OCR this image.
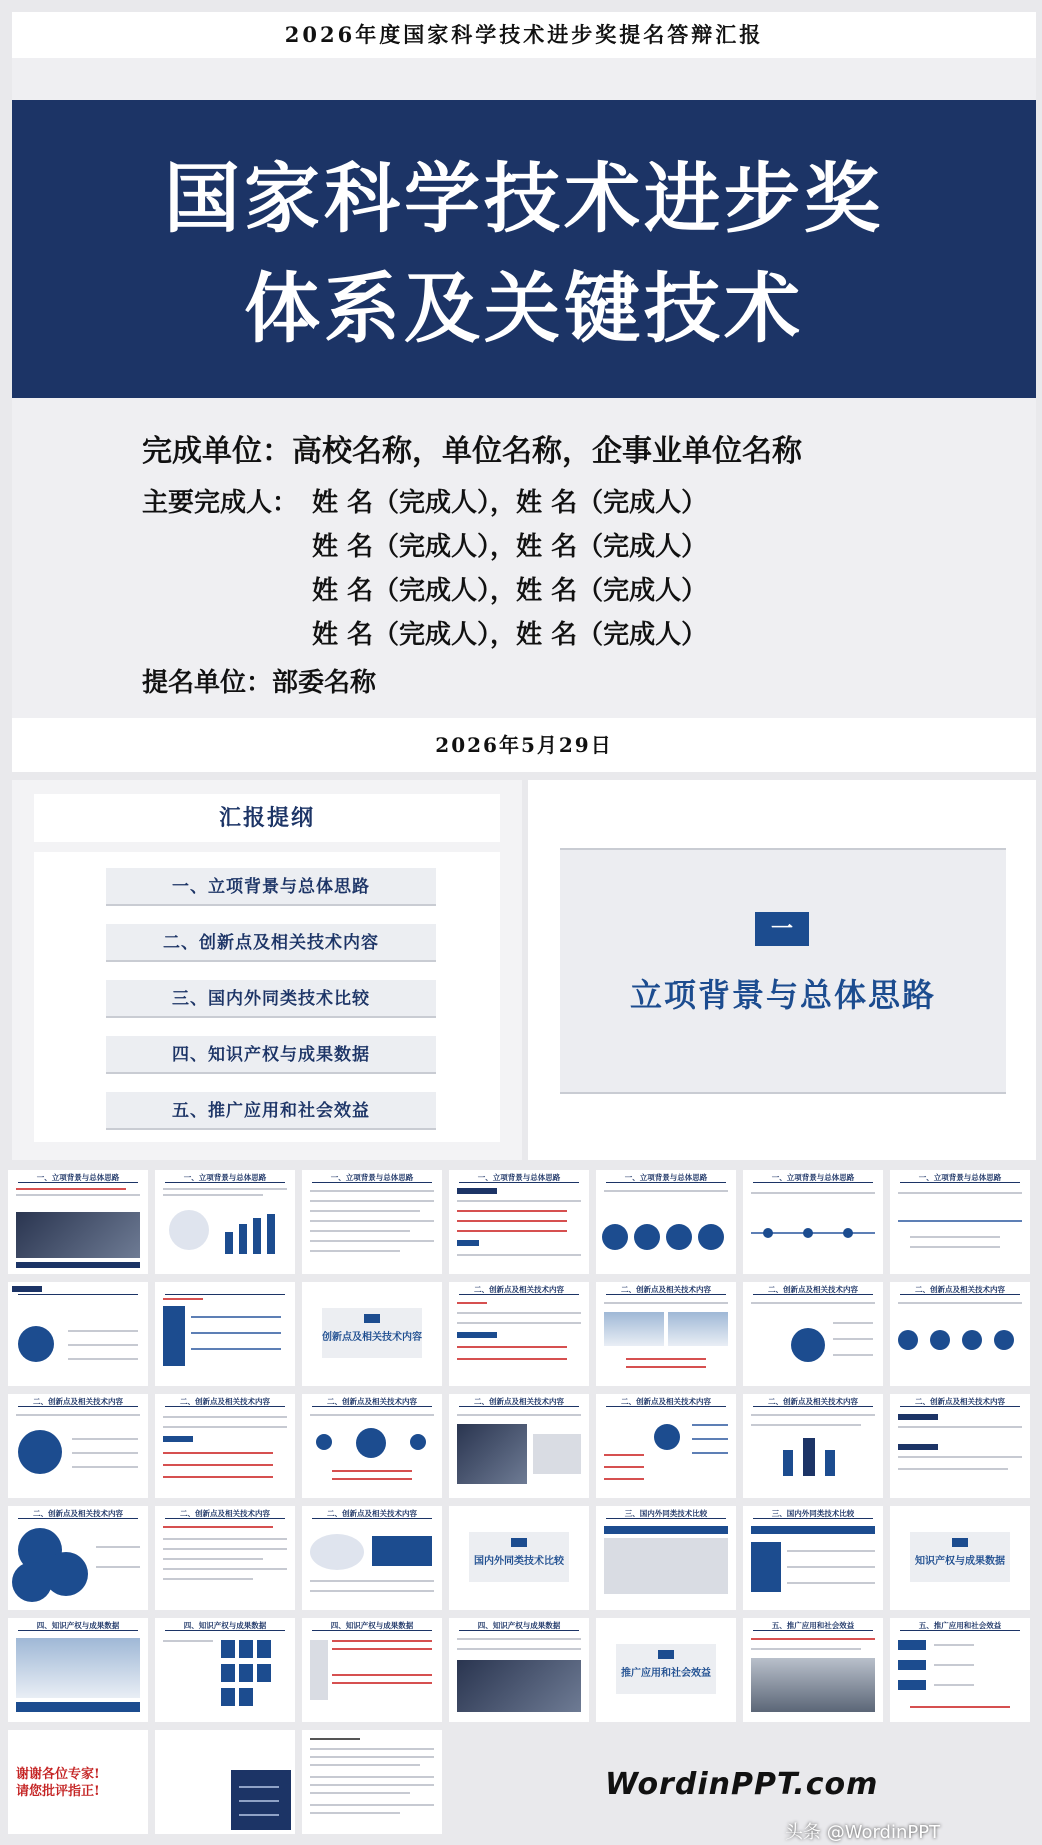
2026年度国家科学技术进步奖提名答辩汇报
国家科学技术进步奖
体系及关键技术
完成单位：高校名称，单位名称，企事业单位名称
主要完成人： 姓 名（完成人），姓 名（完成人）
姓 名（完成人），姓 名（完成人）
姓 名（完成人），姓 名（完成人）
姓 名（完成人），姓 名（完成人）
提名单位：部委名称
2026年5月29日
汇报提纲
一、立项背景与总体思路
二、创新点及相关技术内容
三、国内外同类技术比较
四、知识产权与成果数据
五、推广应用和社会效益
一
立项背景与总体思路
一、立项背景与总体思路	一、立项背景与总体思路	一、立项背景与总体思路	一、立项背景与总体思路	一、立项背景与总体思路	一、立项背景与总体思路	一、立项背景与总体思路
创新点及相关技术内容
二、创新点及相关技术内容	二、创新点及相关技术内容	二、创新点及相关技术内容	二、创新点及相关技术内容
二、创新点及相关技术内容	二、创新点及相关技术内容	二、创新点及相关技术内容	二、创新点及相关技术内容	二、创新点及相关技术内容	二、创新点及相关技术内容	二、创新点及相关技术内容
二、创新点及相关技术内容	二、创新点及相关技术内容	二、创新点及相关技术内容
国内外同类技术比较
三、国内外同类技术比较	三、国内外同类技术比较
知识产权与成果数据
四、知识产权与成果数据	四、知识产权与成果数据	四、知识产权与成果数据	四、知识产权与成果数据
推广应用和社会效益
五、推广应用和社会效益	五、推广应用和社会效益
谢谢各位专家!
请您批评指正!	WordinPPT.com
头条 @WordinPPT
